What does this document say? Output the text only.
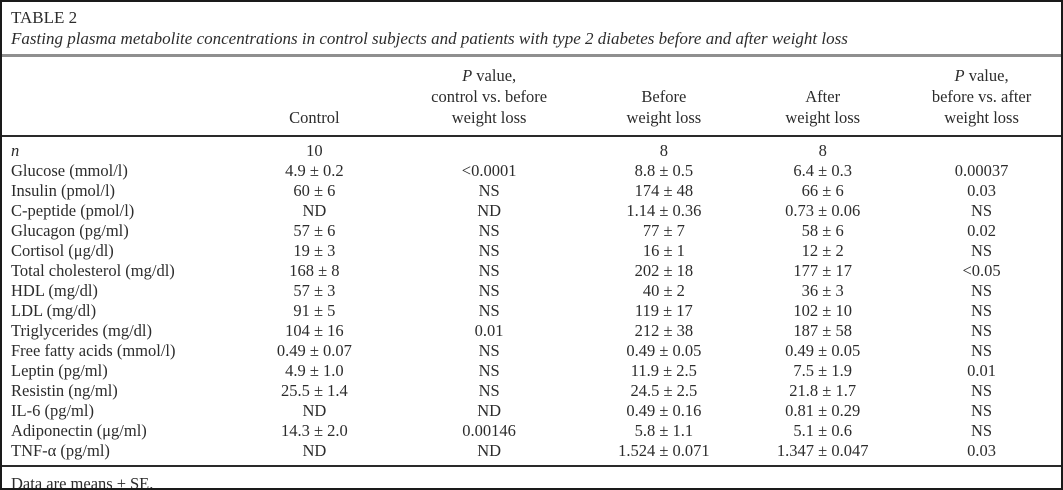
TABLE 2
Fasting plasma metabolite concentrations in control subjects and patients with type 2 diabetes before and after weight loss
	Control	P value,
control vs. before
weight loss	Before
weight loss	After
weight loss	P value,
before vs. after
weight loss
n	10		8	8	
Glucose (mmol/l)	4.9 ± 0.2	<0.0001	8.8 ± 0.5	6.4 ± 0.3	0.00037
Insulin (pmol/l)	60 ± 6	NS	174 ± 48	66 ± 6	0.03
C-peptide (pmol/l)	ND	ND	1.14 ± 0.36	0.73 ± 0.06	NS
Glucagon (pg/ml)	57 ± 6	NS	77 ± 7	58 ± 6	0.02
Cortisol (μg/dl)	19 ± 3	NS	16 ± 1	12 ± 2	NS
Total cholesterol (mg/dl)	168 ± 8	NS	202 ± 18	177 ± 17	<0.05
HDL (mg/dl)	57 ± 3	NS	40 ± 2	36 ± 3	NS
LDL (mg/dl)	91 ± 5	NS	119 ± 17	102 ± 10	NS
Triglycerides (mg/dl)	104 ± 16	0.01	212 ± 38	187 ± 58	NS
Free fatty acids (mmol/l)	0.49 ± 0.07	NS	0.49 ± 0.05	0.49 ± 0.05	NS
Leptin (pg/ml)	4.9 ± 1.0	NS	11.9 ± 2.5	7.5 ± 1.9	0.01
Resistin (ng/ml)	25.5 ± 1.4	NS	24.5 ± 2.5	21.8 ± 1.7	NS
IL-6 (pg/ml)	ND	ND	0.49 ± 0.16	0.81 ± 0.29	NS
Adiponectin (μg/ml)	14.3 ± 2.0	0.00146	5.8 ± 1.1	5.1 ± 0.6	NS
TNF-α (pg/ml)	ND	ND	1.524 ± 0.071	1.347 ± 0.047	0.03
Data are means ± SE.					
